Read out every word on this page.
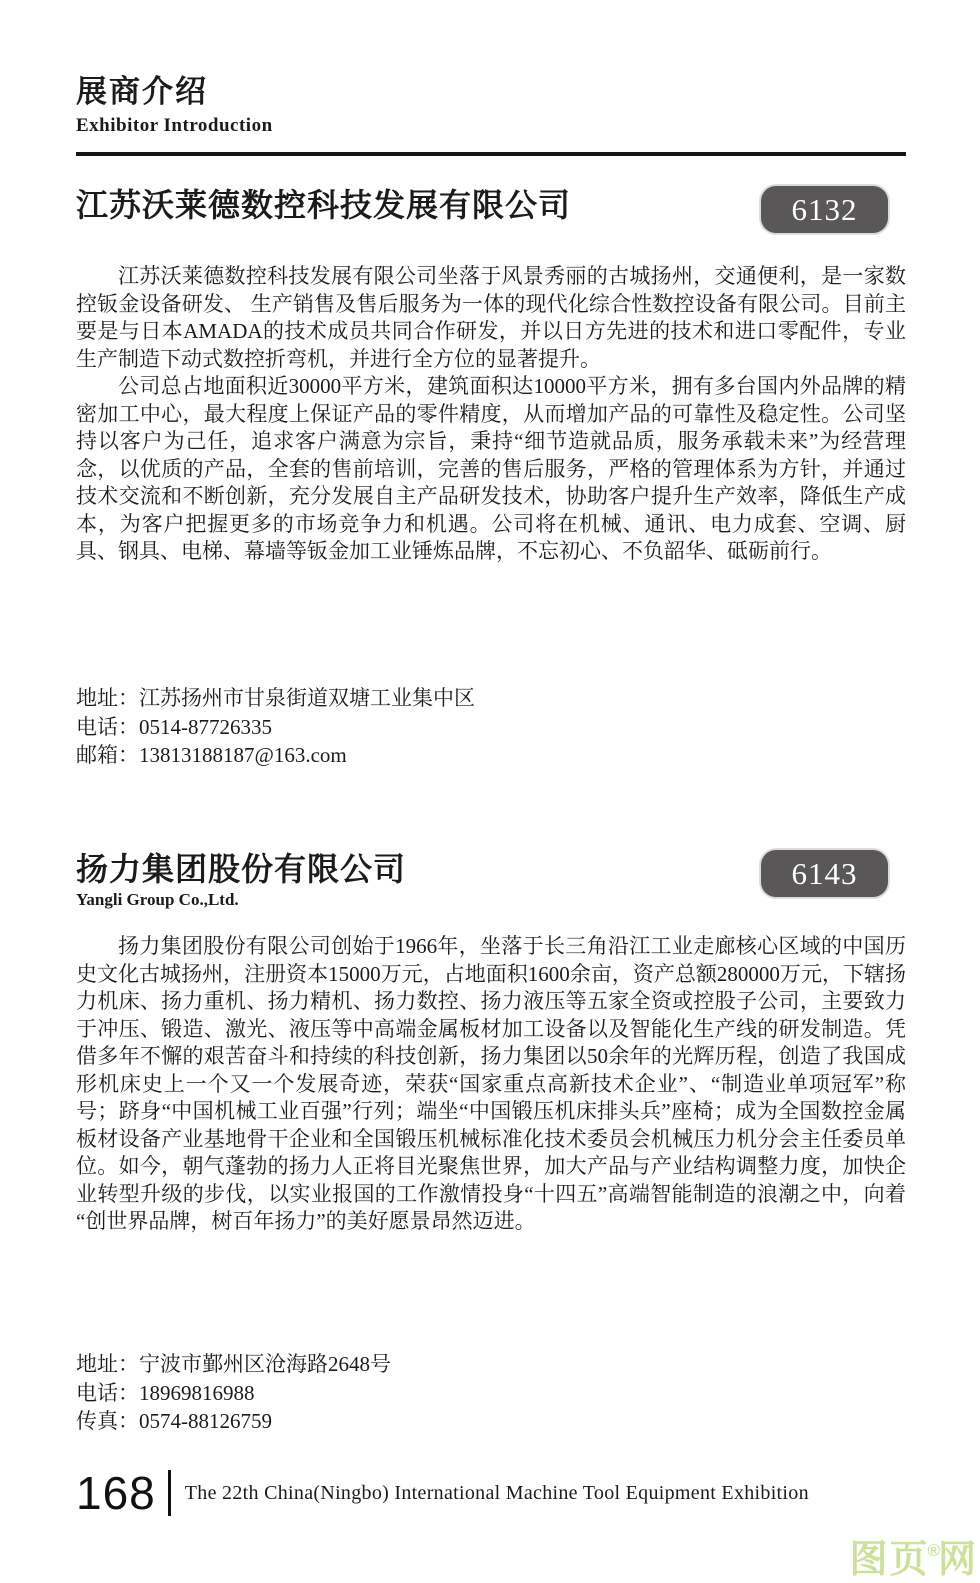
展商介绍
Exhibitor Introduction
江苏沃莱德数控科技发展有限公司	6132

江苏沃莱德数控科技发展有限公司坐落于风景秀丽的古城扬州，交通便利，是一家数控钣金设备研发、 生产销售及售后服务为一体的现代化综合性数控设备有限公司。目前主要是与日本AMADA的技术成员共同合作研发，并以日方先进的技术和进口零配件，专业生产制造下动式数控折弯机，并进行全方位的显著提升。

公司总占地面积近30000平方米，建筑面积达10000平方米，拥有多台国内外品牌的精密加工中心，最大程度上保证产品的零件精度，从而增加产品的可靠性及稳定性。公司坚持以客户为己任，追求客户满意为宗旨，秉持“细节造就品质，服务承载未来”为经营理念，以优质的产品，全套的售前培训，完善的售后服务，严格的管理体系为方针，并通过技术交流和不断创新，充分发展自主产品研发技术，协助客户提升生产效率，降低生产成本，为客户把握更多的市场竞争力和机遇。公司将在机械、通讯、电力成套、空调、厨具、钢具、电梯、幕墙等钣金加工业锤炼品牌，不忘初心、不负韶华、砥砺前行。

地址：江苏扬州市甘泉街道双塘工业集中区
电话：0514-87726335
邮箱：13813188187@163.com
扬力集团股份有限公司
Yangli Group Co.,Ltd.
6143

扬力集团股份有限公司创始于1966年，坐落于长三角沿江工业走廊核心区域的中国历史文化古城扬州，注册资本15000万元，占地面积1600余亩，资产总额280000万元，下辖扬力机床、扬力重机、扬力精机、扬力数控、扬力液压等五家全资或控股子公司，主要致力于冲压、锻造、激光、液压等中高端金属板材加工设备以及智能化生产线的研发制造。凭借多年不懈的艰苦奋斗和持续的科技创新，扬力集团以50余年的光辉历程，创造了我国成形机床史上一个又一个发展奇迹，荣获“国家重点高新技术企业”、“制造业单项冠军”称号；跻身“中国机械工业百强”行列；端坐“中国锻压机床排头兵”座椅；成为全国数控金属板材设备产业基地骨干企业和全国锻压机械标准化技术委员会机械压力机分会主任委员单位。如今，朝气蓬勃的扬力人正将目光聚焦世界，加大产品与产业结构调整力度，加快企业转型升级的步伐，以实业报国的工作激情投身“十四五”高端智能制造的浪潮之中，向着“创世界品牌，树百年扬力”的美好愿景昂然迈进。

地址：宁波市鄞州区沧海路2648号
电话：18969816988
传真：0574-88126759
168 The 22th China(Ningbo) International Machine Tool Equipment Exhibition
图页®网
